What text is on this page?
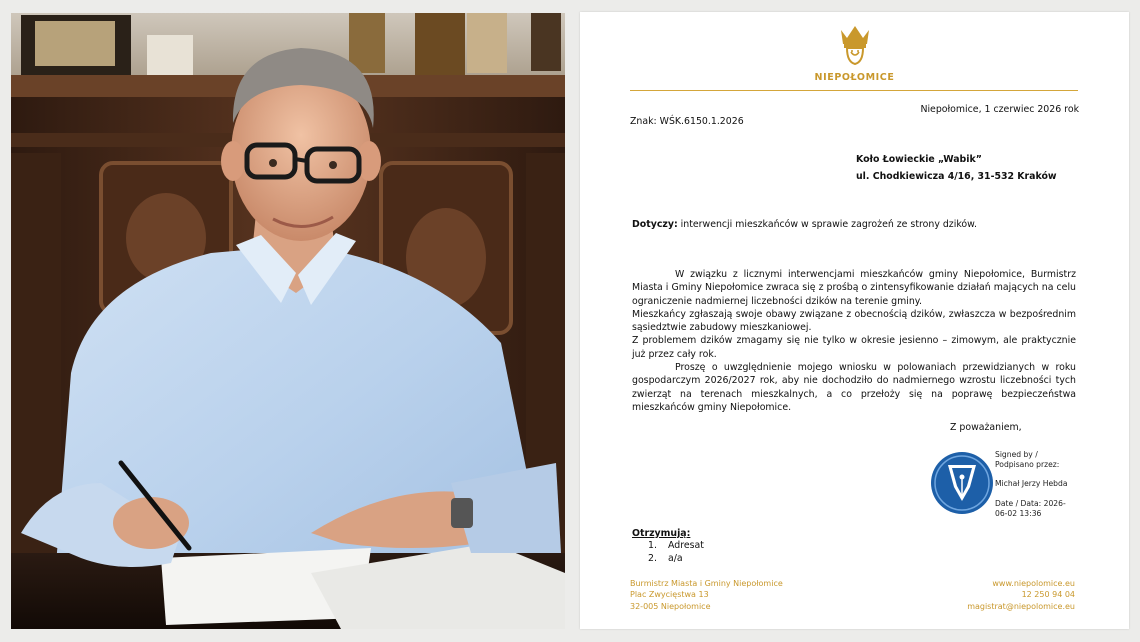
NIEPOŁOMICE
Niepołomice, 1 czerwiec 2026 rok
Znak: WŚK.6150.1.2026
Koło Łowieckie „Wabik”
ul. Chodkiewicza 4/16, 31-532 Kraków
Dotyczy: interwencji mieszkańców w sprawie zagrożeń ze strony dzików.

W związku z licznymi interwencjami mieszkańców gminy Niepołomice, Burmistrz Miasta i Gminy Niepołomice zwraca się z prośbą o zintensyfikowanie działań mających na celu ograniczenie nadmiernej liczebności dzików na terenie gminy.

Mieszkańcy zgłaszają swoje obawy związane z obecnością dzików, zwłaszcza w bezpośrednim sąsiedztwie zabudowy mieszkaniowej.

Z problemem dzików zmagamy się nie tylko w okresie jesienno – zimowym, ale praktycznie już przez cały rok.

Proszę o uwzględnienie mojego wniosku w polowaniach przewidzianych w roku gospodarczym 2026/2027 rok, aby nie dochodziło do nadmiernego wzrostu liczebności tych zwierząt na terenach mieszkalnych, a co przełoży się na poprawę bezpieczeństwa mieszkańców gminy Niepołomice.

Z poważaniem,
Signed by /
Podpisano przez:
Michał Jerzy Hebda
Date / Data: 2026-
06-02 13:36
Otrzymują:
1. Adresat
2. a/a
Burmistrz Miasta i Gminy Niepołomice
Plac Zwycięstwa 13
32-005 Niepołomice
www.niepolomice.eu
12 250 94 04
magistrat@niepolomice.eu
